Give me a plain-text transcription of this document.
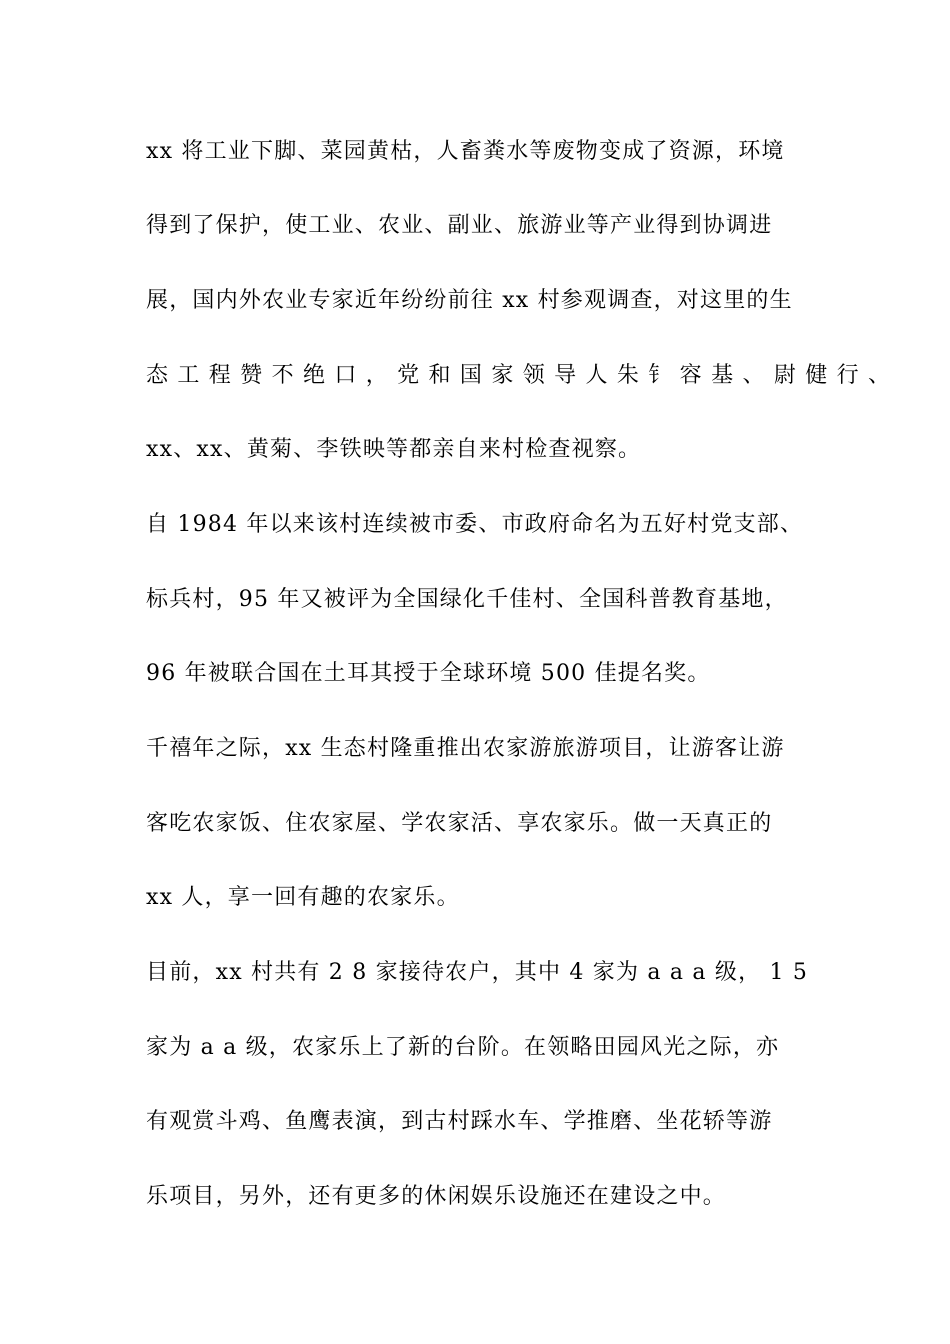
xx 将工业下脚、菜园黄枯，人畜粪水等废物变成了资源，环境
得到了保护，使工业、农业、副业、旅游业等产业得到协调进
展，国内外农业专家近年纷纷前往 xx 村参观调查，对这里的生
态 工 程 赞 不 绝 口 ， 党 和 国 家 领 导 人 朱 钅 容 基 、 尉 健 行 、
xx、xx、黄菊、李铁映等都亲自来村检查视察。
自 1984 年以来该村连续被市委、市政府命名为五好村党支部、
标兵村，95 年又被评为全国绿化千佳村、全国科普教育基地，
96 年被联合国在土耳其授于全球环境 500 佳提名奖。
千禧年之际，xx 生态村隆重推出农家游旅游项目，让游客让游
客吃农家饭、住农家屋、学农家活、享农家乐。做一天真正的
xx 人，享一回有趣的农家乐。
目前，xx 村共有 2 8 家接待农户，其中 4 家为 a a a 级， 1 5
家为 a a 级，农家乐上了新的台阶。在领略田园风光之际，亦
有观赏斗鸡、鱼鹰表演，到古村踩水车、学推磨、坐花轿等游
乐项目，另外，还有更多的休闲娱乐设施还在建设之中。
